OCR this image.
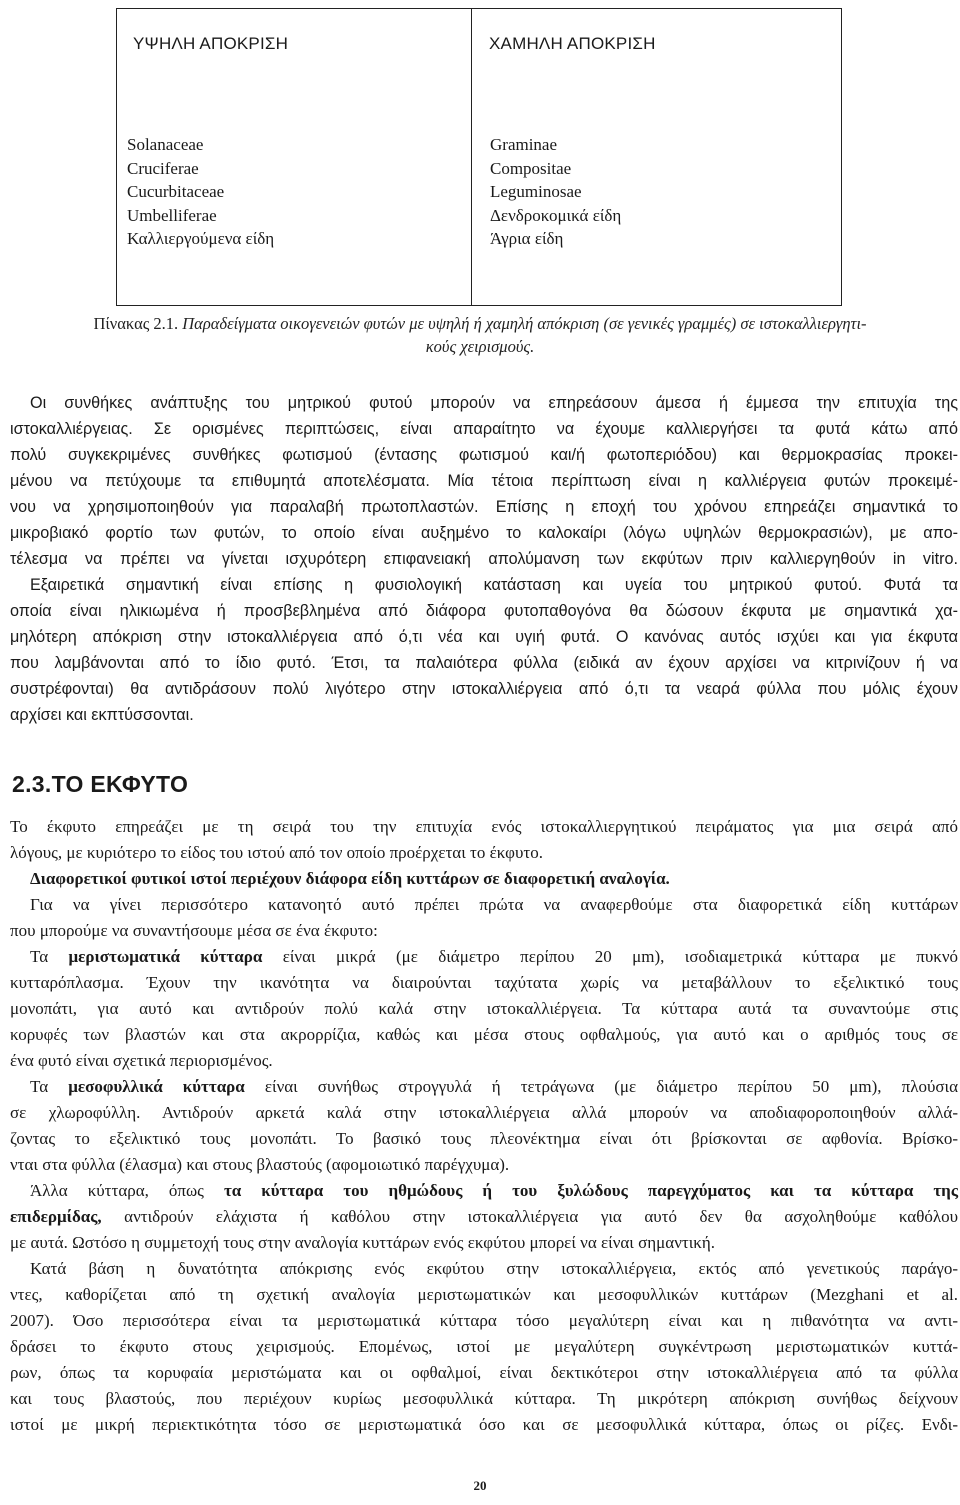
ΥΨΗΛΗ ΑΠΟΚΡΙΣΗ	ΧΑΜΗΛΗ ΑΠΟΚΡΙΣΗ
Solanaceae
Cruciferae
Cucurbitaceae
Umbelliferae
Καλλιεργούμενα είδη
Graminae
Compositae
Leguminosae
Δενδροκομικά είδη
Άγρια είδη
Πίνακας 2.1. Παραδείγματα οικογενειών φυτών με υψηλή ή χαμηλή απόκριση (σε γενικές γραμμές) σε ιστοκαλλιεργητι-
κούς χειρισμούς.
Οι συνθήκες ανάπτυξης του μητρικού φυτού μπορούν να επηρεάσουν άμεσα ή έμμεσα την επιτυχία της
ιστοκαλλιέργειας. Σε ορισμένες περιπτώσεις, είναι απαραίτητο να έχουμε καλλιεργήσει τα φυτά κάτω από
πολύ συγκεκριμένες συνθήκες φωτισμού (έντασης φωτισμού και/ή φωτοπεριόδου) και θερμοκρασίας προκει-
μένου να πετύχουμε τα επιθυμητά αποτελέσματα. Μία τέτοια περίπτωση είναι η καλλιέργεια φυτών προκειμέ-
νου να χρησιμοποιηθούν για παραλαβή πρωτοπλαστών. Επίσης η εποχή του χρόνου επηρεάζει σημαντικά το
μικροβιακό φορτίο των φυτών, το οποίο είναι αυξημένο το καλοκαίρι (λόγω υψηλών θερμοκρασιών), με απο-
τέλεσμα να πρέπει να γίνεται ισχυρότερη επιφανειακή απολύμανση των εκφύτων πριν καλλιεργηθούν in vitro.
Εξαιρετικά σημαντική είναι επίσης η φυσιολογική κατάσταση και υγεία του μητρικού φυτού. Φυτά τα
οποία είναι ηλικιωμένα ή προσβεβλημένα από διάφορα φυτοπαθογόνα θα δώσουν έκφυτα με σημαντικά χα-
μηλότερη απόκριση στην ιστοκαλλιέργεια από ό,τι νέα και υγιή φυτά. Ο κανόνας αυτός ισχύει και για έκφυτα
που λαμβάνονται από το ίδιο φυτό. Έτσι, τα παλαιότερα φύλλα (ειδικά αν έχουν αρχίσει να κιτρινίζουν ή να
συστρέφονται) θα αντιδράσουν πολύ λιγότερο στην ιστοκαλλιέργεια από ό,τι τα νεαρά φύλλα που μόλις έχουν
αρχίσει και εκπτύσσονται.
2.3.ΤΟ ΕΚΦΥΤΟ
Το έκφυτο επηρεάζει με τη σειρά του την επιτυχία ενός ιστοκαλλιεργητικού πειράματος για μια σειρά από
λόγους, με κυριότερο το είδος του ιστού από τον οποίο προέρχεται το έκφυτο.
Διαφορετικοί φυτικοί ιστοί περιέχουν διάφορα είδη κυττάρων σε διαφορετική αναλογία.
Για να γίνει περισσότερο κατανοητό αυτό πρέπει πρώτα να αναφερθούμε στα διαφορετικά είδη κυττάρων
που μπορούμε να συναντήσουμε μέσα σε ένα έκφυτο:
Τα μεριστωματικά κύτταρα είναι μικρά (με διάμετρο περίπου 20 μm), ισοδιαμετρικά κύτταρα με πυκνό
κυτταρόπλασμα. Έχουν την ικανότητα να διαιρούνται ταχύτατα χωρίς να μεταβάλλουν το εξελικτικό τους
μονοπάτι, για αυτό και αντιδρούν πολύ καλά στην ιστοκαλλιέργεια. Τα κύτταρα αυτά τα συναντούμε στις
κορυφές των βλαστών και στα ακρορρίζια, καθώς και μέσα στους οφθαλμούς, για αυτό και ο αριθμός τους σε
ένα φυτό είναι σχετικά περιορισμένος.
Τα μεσοφυλλικά κύτταρα είναι συνήθως στρογγυλά ή τετράγωνα (με διάμετρο περίπου 50 μm), πλούσια
σε χλωροφύλλη. Αντιδρούν αρκετά καλά στην ιστοκαλλιέργεια αλλά μπορούν να αποδιαφοροποιηθούν αλλά-
ζοντας το εξελικτικό τους μονοπάτι. Το βασικό τους πλεονέκτημα είναι ότι βρίσκονται σε αφθονία. Βρίσκο-
νται στα φύλλα (έλασμα) και στους βλαστούς (αφομοιωτικό παρέγχυμα).
Άλλα κύτταρα, όπως τα κύτταρα του ηθμώδους ή του ξυλώδους παρεγχύματος και τα κύτταρα της
επιδερμίδας, αντιδρούν ελάχιστα ή καθόλου στην ιστοκαλλιέργεια για αυτό δεν θα ασχοληθούμε καθόλου
με αυτά. Ωστόσο η συμμετοχή τους στην αναλογία κυττάρων ενός εκφύτου μπορεί να είναι σημαντική.
Κατά βάση η δυνατότητα απόκρισης ενός εκφύτου στην ιστοκαλλιέργεια, εκτός από γενετικούς παράγο-
ντες, καθορίζεται από τη σχετική αναλογία μεριστωματικών και μεσοφυλλικών κυττάρων (Mezghani et al.
2007). Όσο περισσότερα είναι τα μεριστωματικά κύτταρα τόσο μεγαλύτερη είναι και η πιθανότητα να αντι-
δράσει το έκφυτο στους χειρισμούς. Επομένως, ιστοί με μεγαλύτερη συγκέντρωση μεριστωματικών κυττά-
ρων, όπως τα κορυφαία μεριστώματα και οι οφθαλμοί, είναι δεκτικότεροι στην ιστοκαλλιέργεια από τα φύλλα
και τους βλαστούς, που περιέχουν κυρίως μεσοφυλλικά κύτταρα. Τη μικρότερη απόκριση συνήθως δείχνουν
ιστοί με μικρή περιεκτικότητα τόσο σε μεριστωματικά όσο και σε μεσοφυλλικά κύτταρα, όπως οι ρίζες. Ενδι-
20
